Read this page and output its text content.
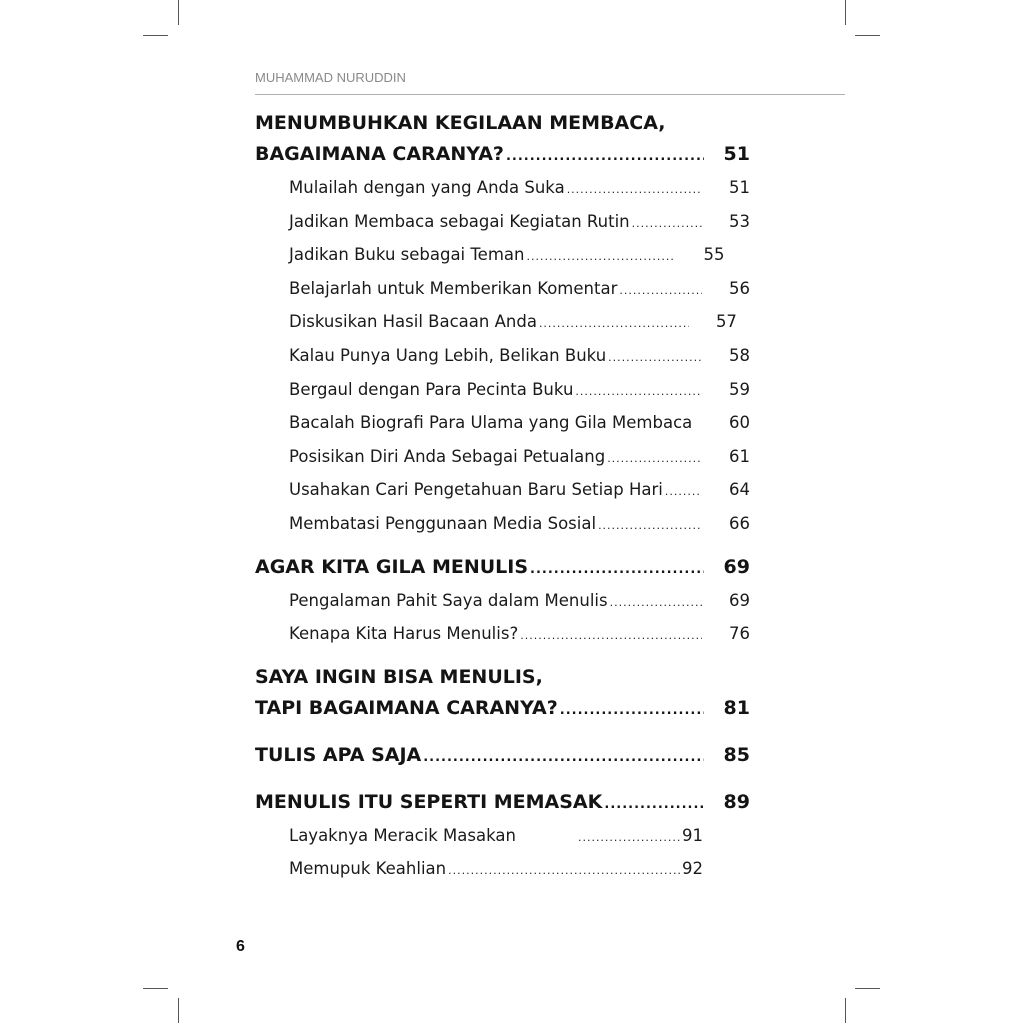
MUHAMMAD NURUDDIN
MENUMBUHKAN KEGILAAN MEMBACA,
BAGAIMANA CARANYA? .....	51
Mulailah dengan yang Anda Suka .....	51
Jadikan Membaca sebagai Kegiatan Rutin .....	53
Jadikan Buku sebagai Teman .....	55
Belajarlah untuk Memberikan Komentar .....	56
Diskusikan Hasil Bacaan Anda .....	57
Kalau Punya Uang Lebih, Belikan Buku .....	58
Bergaul dengan Para Pecinta Buku .....	59
Bacalah Biografi Para Ulama yang Gila Membaca	60
Posisikan Diri Anda Sebagai Petualang .....	61
Usahakan Cari Pengetahuan Baru Setiap Hari .....	64
Membatasi Penggunaan Media Sosial .....	66
AGAR KITA GILA MENULIS .....	69
Pengalaman Pahit Saya dalam Menulis .....	69
Kenapa Kita Harus Menulis? .....	76
SAYA INGIN BISA MENULIS,
TAPI BAGAIMANA CARANYA? .....	81
TULIS APA SAJA .....	85
MENULIS ITU SEPERTI MEMASAK .....	89
Layaknya Meracik Masakan .....	91
Memupuk Keahlian .....	92
6
